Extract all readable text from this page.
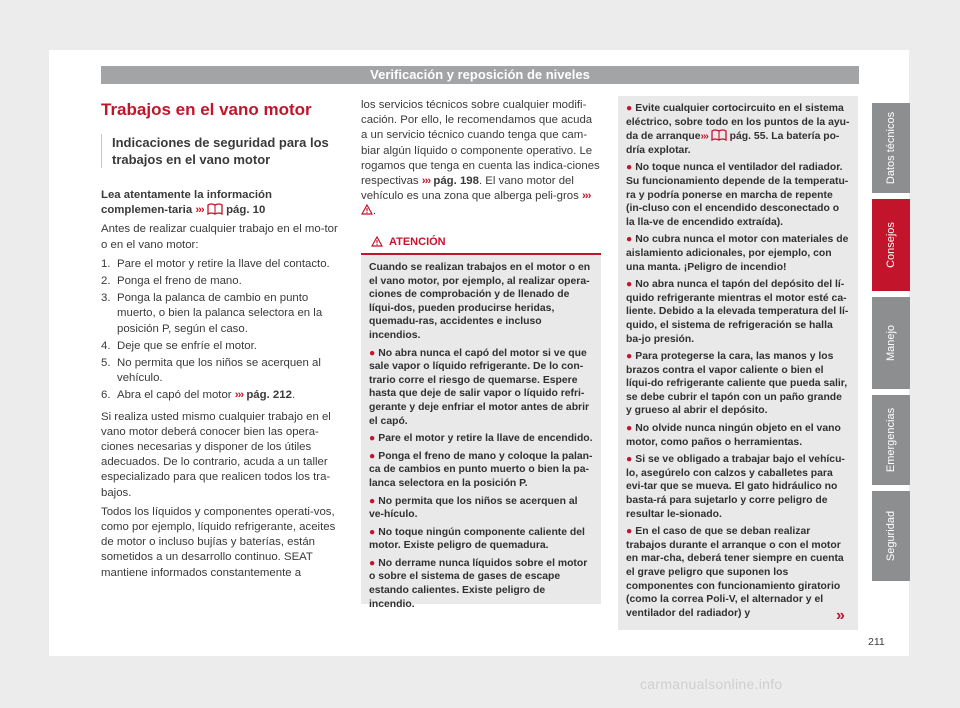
Verificación y reposición de niveles
Trabajos en el vano motor
Indicaciones de seguridad para los trabajos en el vano motor

Lea atentamente la información complemen-taria ››› pág. 10

Antes de realizar cualquier trabajo en el mo-tor o en el vano motor:

1. Pare el motor y retire la llave del contacto.
2. Ponga el freno de mano.
3. Ponga la palanca de cambio en punto muerto, o bien la palanca selectora en la posición P, según el caso.
4. Deje que se enfríe el motor.
5. No permita que los niños se acerquen al vehículo.
6. Abra el capó del motor ››› pág. 212.

Si realiza usted mismo cualquier trabajo en el vano motor deberá conocer bien las opera-ciones necesarias y disponer de los útiles adecuados. De lo contrario, acuda a un taller especializado para que realicen todos los tra-bajos.

Todos los líquidos y componentes operati-vos, como por ejemplo, líquido refrigerante, aceites de motor o incluso bujías y baterías, están sometidos a un desarrollo continuo. SEAT mantiene informados constantemente a

los servicios técnicos sobre cualquier modifi-cación. Por ello, le recomendamos que acuda a un servicio técnico cuando tenga que cam-biar algún líquido o componente operativo. Le rogamos que tenga en cuenta las indica-ciones respectivas ››› pág. 198. El vano motor del vehículo es una zona que alberga peli-gros ››› .

ATENCIÓN

Cuando se realizan trabajos en el motor o en el vano motor, por ejemplo, al realizar opera-ciones de comprobación y de llenado de líqui-dos, pueden producirse heridas, quemadu-ras, accidentes e incluso incendios.

● No abra nunca el capó del motor si ve que sale vapor o líquido refrigerante. De lo con-trario corre el riesgo de quemarse. Espere hasta que deje de salir vapor o líquido refri-gerante y deje enfriar el motor antes de abrir el capó.

● Pare el motor y retire la llave de encendido.

● Ponga el freno de mano y coloque la palan-ca de cambios en punto muerto o bien la pa-lanca selectora en la posición P.

● No permita que los niños se acerquen al ve-hículo.

● No toque ningún componente caliente del motor. Existe peligro de quemadura.

● No derrame nunca líquidos sobre el motor o sobre el sistema de gases de escape estando calientes. Existe peligro de incendio.

● Evite cualquier cortocircuito en el sistema eléctrico, sobre todo en los puntos de la ayu-da de arranque››› pág. 55. La batería po-dría explotar.

● No toque nunca el ventilador del radiador. Su funcionamiento depende de la temperatu-ra y podría ponerse en marcha de repente (in-cluso con el encendido desconectado o la lla-ve de encendido extraída).

● No cubra nunca el motor con materiales de aislamiento adicionales, por ejemplo, con una manta. ¡Peligro de incendio!

● No abra nunca el tapón del depósito del lí-quido refrigerante mientras el motor esté ca-liente. Debido a la elevada temperatura del lí-quido, el sistema de refrigeración se halla ba-jo presión.

● Para protegerse la cara, las manos y los brazos contra el vapor caliente o bien el líqui-do refrigerante caliente que pueda salir, se debe cubrir el tapón con un paño grande y grueso al abrir el depósito.

● No olvide nunca ningún objeto en el vano motor, como paños o herramientas.

● Si se ve obligado a trabajar bajo el vehícu-lo, asegúrelo con calzos y caballetes para evi-tar que se mueva. El gato hidráulico no basta-rá para sujetarlo y corre peligro de resultar le-sionado.

● En el caso de que se deban realizar trabajos durante el arranque o con el motor en mar-cha, deberá tener siempre en cuenta el grave peligro que suponen los componentes con funcionamiento giratorio (como la correa Poli-V, el alternador y el ventilador del radiador) y	»
Datos técnicos
Consejos
Manejo
Emergencias
Seguridad
211
carmanualsonline.info
